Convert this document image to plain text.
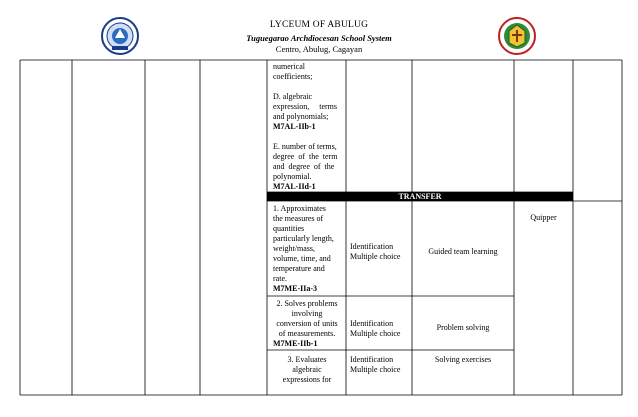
LYCEUM OF ABULUG
Tuguegarao Archdiocesan School System
Centro, Abulug, Cagayan
numerical
coefficients;
D. algebraic
expression,     terms
and polynomials;
M7AL-IIb-1
E. number of terms,
degree  of  the  term
and  degree  of  the
polynomial.
M7AL-IId-1
TRANSFER
1. Approximates
the measures of
quantities
particularly length,
weight/mass,
volume, time, and
temperature and
rate.
M7ME-IIa-3
Identification
Multiple choice
Guided team learning
Quipper
2. Solves problems
involving
conversion of units
of measurements.
M7ME-IIb-1
Identification
Multiple choice
Problem solving
3. Evaluates
algebraic
expressions for
Identification
Multiple choice
Solving exercises
